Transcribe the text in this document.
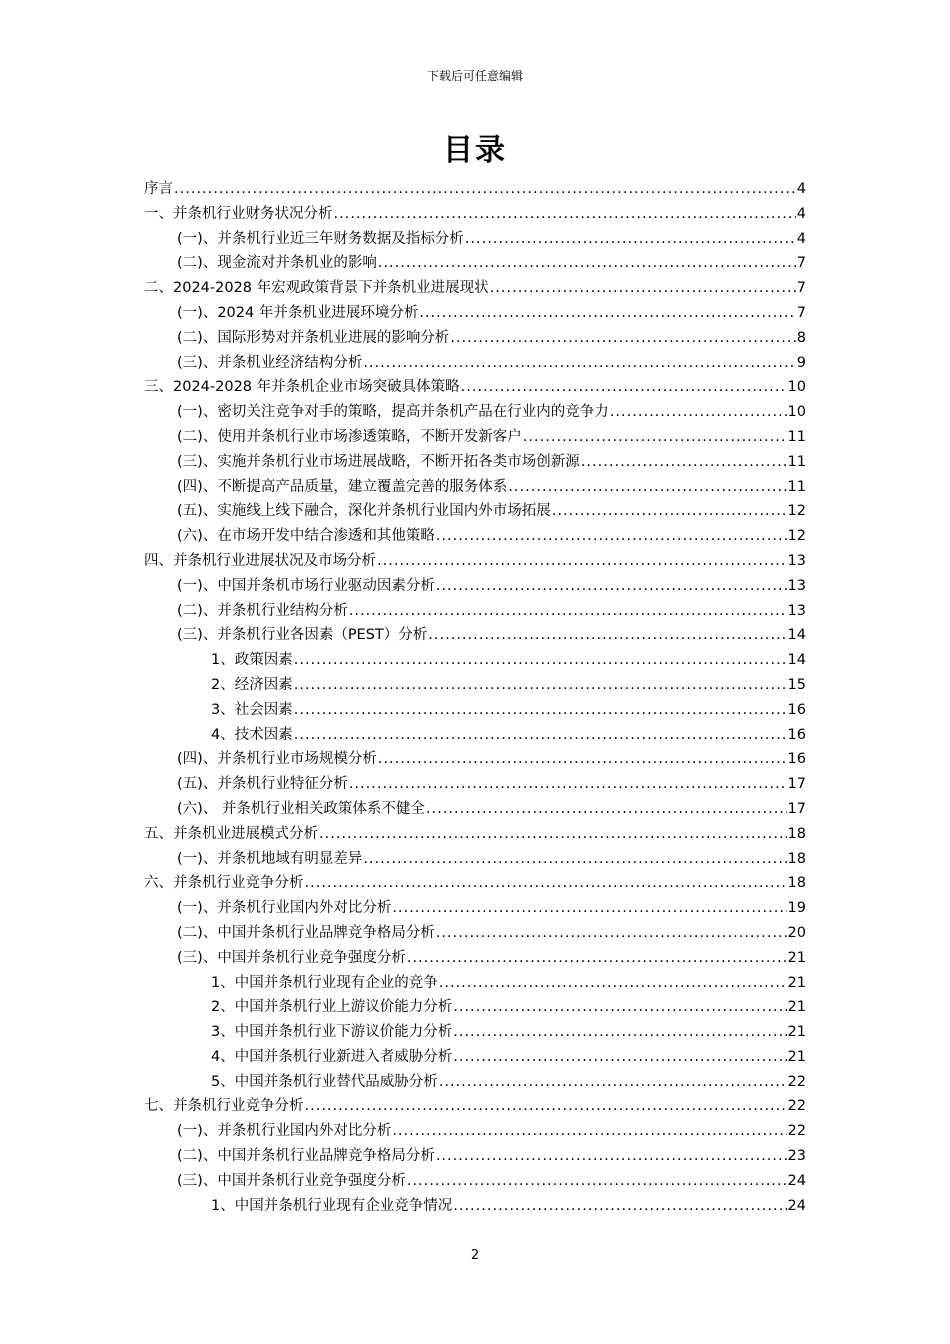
下载后可任意编辑
目录
序言 .....	4
一、并条机行业财务状况分析 .....	4
(一)、并条机行业近三年财务数据及指标分析 .....	4
(二)、现金流对并条机业的影响 .....	7
二、2024-2028 年宏观政策背景下并条机业进展现状 .....	7
(一)、2024 年并条机业进展环境分析 .....	7
(二)、国际形势对并条机业进展的影响分析 .....	8
(三)、并条机业经济结构分析 .....	9
三、2024-2028 年并条机企业市场突破具体策略 .....	10
(一)、密切关注竞争对手的策略，提高并条机产品在行业内的竞争力 .....	10
(二)、使用并条机行业市场渗透策略，不断开发新客户 .....	11
(三)、实施并条机行业市场进展战略，不断开拓各类市场创新源 .....	11
(四)、不断提高产品质量，建立覆盖完善的服务体系 .....	11
(五)、实施线上线下融合，深化并条机行业国内外市场拓展 .....	12
(六)、在市场开发中结合渗透和其他策略 .....	12
四、并条机行业进展状况及市场分析 .....	13
(一)、中国并条机市场行业驱动因素分析 .....	13
(二)、并条机行业结构分析 .....	13
(三)、并条机行业各因素（PEST）分析 .....	14
1、政策因素 .....	14
2、经济因素 .....	15
3、社会因素 .....	16
4、技术因素 .....	16
(四)、并条机行业市场规模分析 .....	16
(五)、并条机行业特征分析 .....	17
(六)、 并条机行业相关政策体系不健全 .....	17
五、并条机业进展模式分析 .....	18
(一)、并条机地域有明显差异 .....	18
六、并条机行业竞争分析 .....	18
(一)、并条机行业国内外对比分析 .....	19
(二)、中国并条机行业品牌竞争格局分析 .....	20
(三)、中国并条机行业竞争强度分析 .....	21
1、中国并条机行业现有企业的竞争 .....	21
2、中国并条机行业上游议价能力分析 .....	21
3、中国并条机行业下游议价能力分析 .....	21
4、中国并条机行业新进入者威胁分析 .....	21
5、中国并条机行业替代品威胁分析 .....	22
七、并条机行业竞争分析 .....	22
(一)、并条机行业国内外对比分析 .....	22
(二)、中国并条机行业品牌竞争格局分析 .....	23
(三)、中国并条机行业竞争强度分析 .....	24
1、中国并条机行业现有企业竞争情况 .....	24
2
